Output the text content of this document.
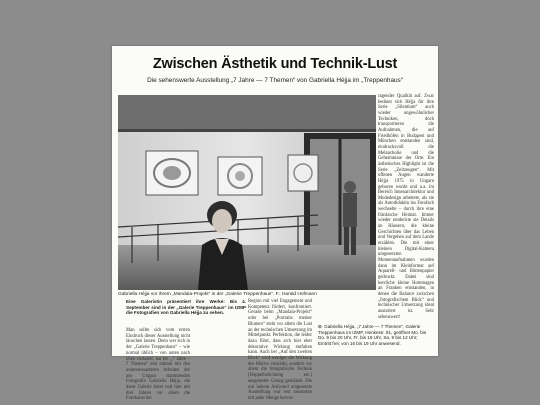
Zwischen Ästhetik und Technik-Lust
Die sehenswerte Ausstellung „7 Jahre — 7 Themen“ von Gabriella Héjja im „Treppenhaus“
Gabriella Héjja vor ihrem „Mandala-Projekt“ in der „Galerie Treppenhaus“. F.: Harald Hofmann
Eine Galeristin präsentiert ihre Werke: Bis 4. September sind in der „Galerie Treppenhaus“ im IZMP die Fotografien von Gabriella Héjja zu sehen.
Man sollte sich vom ersten Eindruck dieser Ausstellung nicht täuschen lassen. Denn wer sich in der „Galerie Treppenhaus“ – wie normal üblich – von unten nach oben vortastet, hat bei „7 Jahre – 7 Themen“ erst einmal mit den uninteressanteren Arbeiten der aus Ungarn stammenden Fotografin Gabriella Héjja, die diese Galerie leitet und hier mit drei Jahren vor allem die Fotokunst der
Region mit viel Engagement und Kompetenz fördert, konfrontiert. Gerade beim „Mandala-Projekt“ oder bei „Portraits meiner Blumen“ steht vor allem die Lust an der technischen Umsetzung im Mittelpunkt. Perfektion, die leider dazu führt, dass sich hier eher dekorative Wirkung entfalten kann. Auch bei „Auf den zweiten Blick“ wird weniger die Wirkung des Motivs verstärkt, sondern vor allem die fotografische Technik (Doppelbelichtung etc.) ausgetestet. Genug gemäkelt. Die mit hohem Aufwand umgesetzte Ausstellung war erst ansonsten mit jeder Menge hervor-
ragender Qualität auf. Zwar bedient sich Héjja für ihre Serie „Silentium“ auch wieder ungewöhnlicher Techniken, doch transportieren die Aufnahmen, die auf Friedhöfen in Budapest und München entstanden sind, eindrucksvoll die Melancholie und die Geheimnisse der Orte. Ein ästhetisches Highlight ist die Serie „Zeitzeugen“. Mit offenen Augen wanderte Héjja 1975 in Ungarn geboren wurde und u.a. im Bereich Innenarchitektur und Modedesign arbeitete, als sie als Autodidaktin ins Fotofach wechselte – durch ihre eine fränkische Heimat. Immer wieder entdeckte sie Details an Häusern, die kleine Geschichten über das Leben und Vergehen auf dem Lande erzählen. Die mit einer kleinen Digital-Kamera umgesetzten Momentaufnahmen wurden dann im Kleinformat auf Aquarell- und Büttenpapier gedruckt. Dabei sind herrliche kleine Hommagen an Franken entstanden, in denen die Balance zwischen „fotografischem Blick“ und technischer Umsetzung ideal austariert ist. Sehr sehenswert!
⊙ Gabriella Héjja, „7 Jahre — 7 Themen“, Galerie Treppenhaus im IZMP, Henkestr. 91, geöffnet Mo. bis Do. 9 bis 20 Uhr, Fr. bis 19 Uhr, Sa. 9 bis 12 Uhr; Eintritt frei; von 16 bis 19 Uhr anwesend.
